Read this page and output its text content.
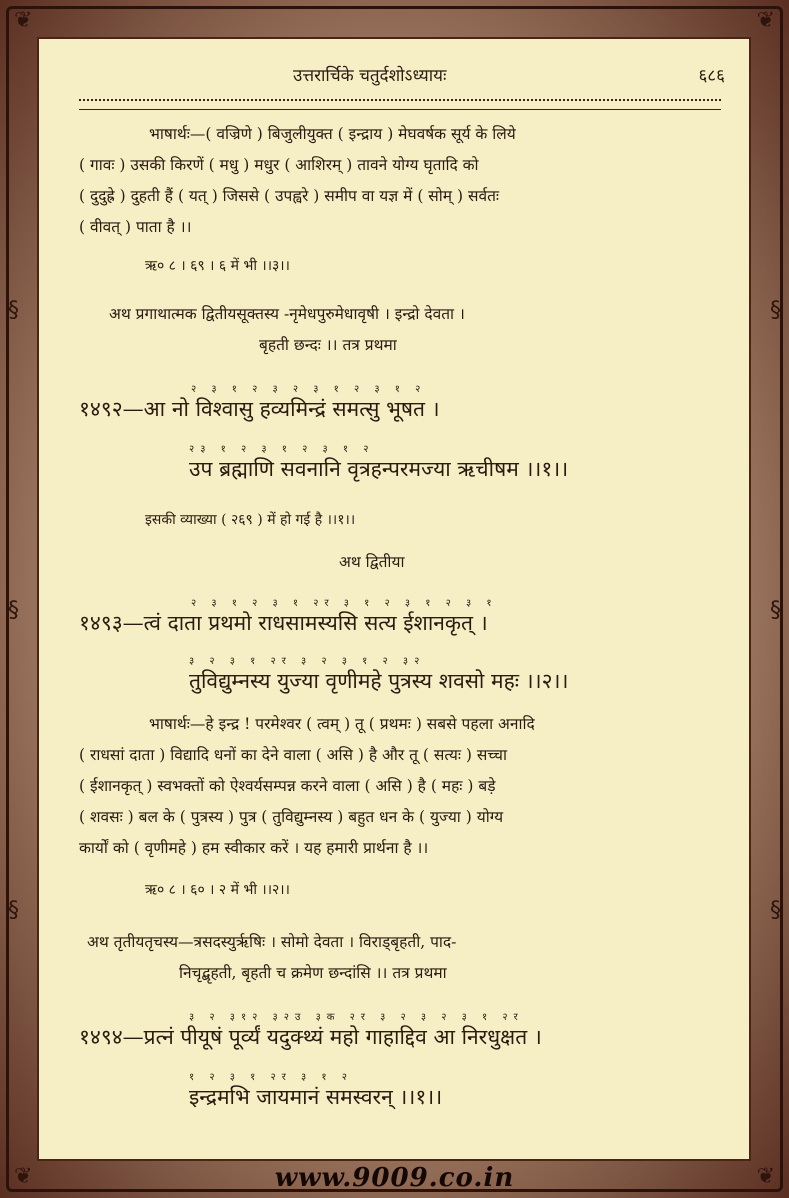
❦	❦
❦	❦
§
§
§
§
§
§
उत्तरार्चिके चतुर्दशोऽध्यायः	६८६
भाषार्थः—( वज्रिणे ) बिजुलीयुक्त ( इन्द्राय ) मेघवर्षक सूर्य के लिये
( गावः ) उसकी किरणें ( मधु ) मधुर ( आशिरम् ) तावने योग्य घृतादि को
( दुदुह्रे ) दुहती हैं ( यत् ) जिससे ( उपह्वरे ) समीप वा यज्ञ में ( सोम् ) सर्वतः
( वीवत् ) पाता है ।।
ऋ० ८ । ६९ । ६ में भी ।।३।।
अथ प्रगाथात्मक द्वितीयसूक्तस्य -नृमेधपुरुमेधावृषी । इन्द्रो देवता ।
बृहती छन्दः ।। तत्र प्रथमा
२ ३ १ २ ३ २ ३ १ २ ३ १ २
१४९२—आ नो विश्वासु हव्यमिन्द्रं समत्सु भूषत ।
२३ १ २ ३ १ २ ३ १ २
उप ब्रह्माणि सवनानि वृत्रहन्परमज्या ऋचीषम ।।१।।
इसकी व्याख्या ( २६९ ) में हो गई है ।।१।।
अथ द्वितीया
२ ३ १ २ ३ १ २र ३ १ २ ३ १ २ ३ १
१४९३—त्वं दाता प्रथमो राधसामस्यसि सत्य ईशानकृत् ।
३ २ ३ १ २र ३ २ ३ १ २ ३२
तुविद्युम्नस्य युज्या वृणीमहे पुत्रस्य शवसो महः ।।२।।
भाषार्थः—हे इन्द्र ! परमेश्वर ( त्वम् ) तू ( प्रथमः ) सबसे पहला अनादि
( राधसां दाता ) विद्यादि धनों का देने वाला ( असि ) है और तू ( सत्यः ) सच्चा
( ईशानकृत् ) स्वभक्तों को ऐश्वर्यसम्पन्न करने वाला ( असि ) है ( महः ) बड़े
( शवसः ) बल के ( पुत्रस्य ) पुत्र ( तुविद्युम्नस्य ) बहुत धन के ( युज्या ) योग्य
कार्यों को ( वृणीमहे ) हम स्वीकार करें । यह हमारी प्रार्थना है ।।
ऋ० ८ । ६० । २ में भी ।।२।।
अथ तृतीयतृचस्य—त्रसदस्युर्ऋषिः । सोमो देवता । विराड्बृहती, पाद-
निचृद्बृहती, बृहती च क्रमेण छन्दांसि ।। तत्र प्रथमा
३ २ ३१२ ३२उ ३क २र ३ २ ३ २ ३ १ २र
१४९४—प्रत्नं पीयूषं पूर्व्यं यदुक्थ्यं महो गाहाद्दिव आ निरधुक्षत ।
१ २ ३ १ २र ३ १ २
इन्द्रमभि जायमानं समस्वरन् ।।१।।
www.9009.co.in
